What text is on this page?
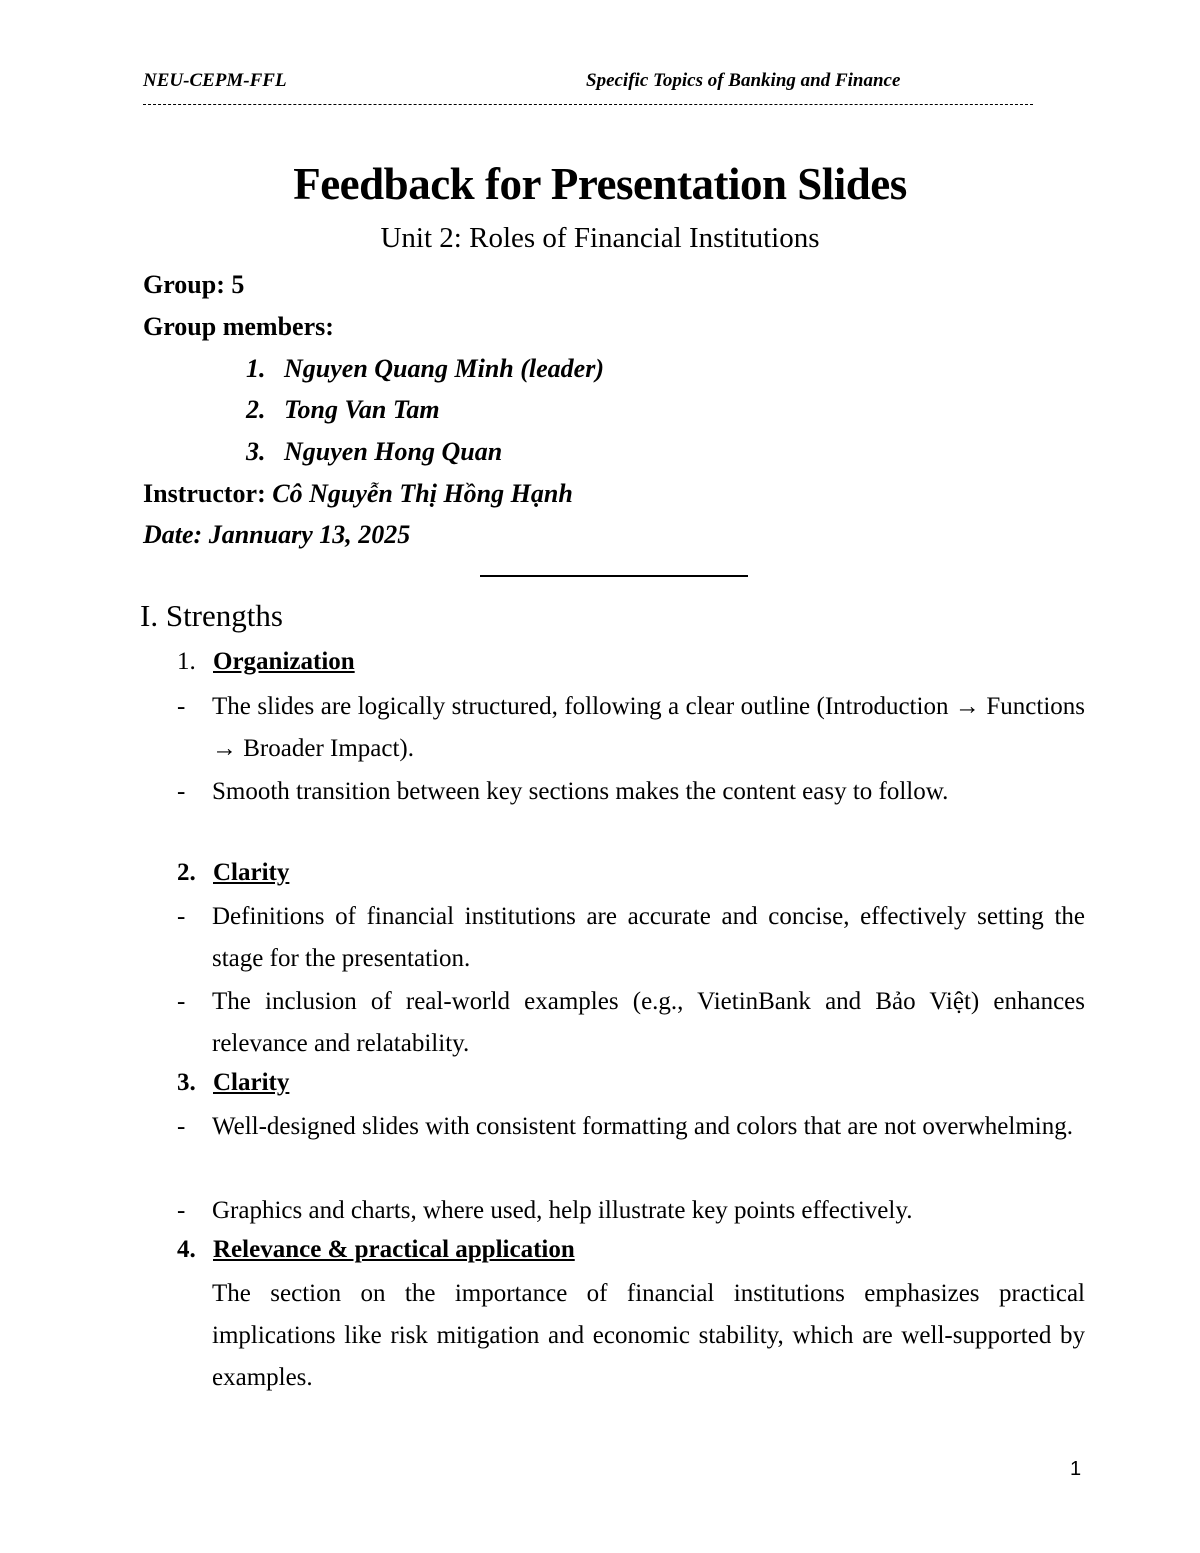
NEU-CEPM-FFL	Specific Topics of Banking and Finance
Feedback for Presentation Slides
Unit 2: Roles of Financial Institutions
Group: 5
Group members:
1. Nguyen Quang Minh (leader)
2. Tong Van Tam
3. Nguyen Hong Quan
Instructor: Cô Nguyễn Thị Hồng Hạnh
Date: Jannuary 13, 2025
I. Strengths
1. Organization
- The slides are logically structured, following a clear outline (Introduction → Functions → Broader Impact).
- Smooth transition between key sections makes the content easy to follow.
2. Clarity
- Definitions of financial institutions are accurate and concise, effectively setting the stage for the presentation.
- The inclusion of real-world examples (e.g., VietinBank and Bảo Việt) enhances relevance and relatability.
3. Clarity
- Well-designed slides with consistent formatting and colors that are not overwhelming.
- Graphics and charts, where used, help illustrate key points effectively.
4. Relevance & practical application
The section on the importance of financial institutions emphasizes practical implications like risk mitigation and economic stability, which are well-supported by examples.
1
